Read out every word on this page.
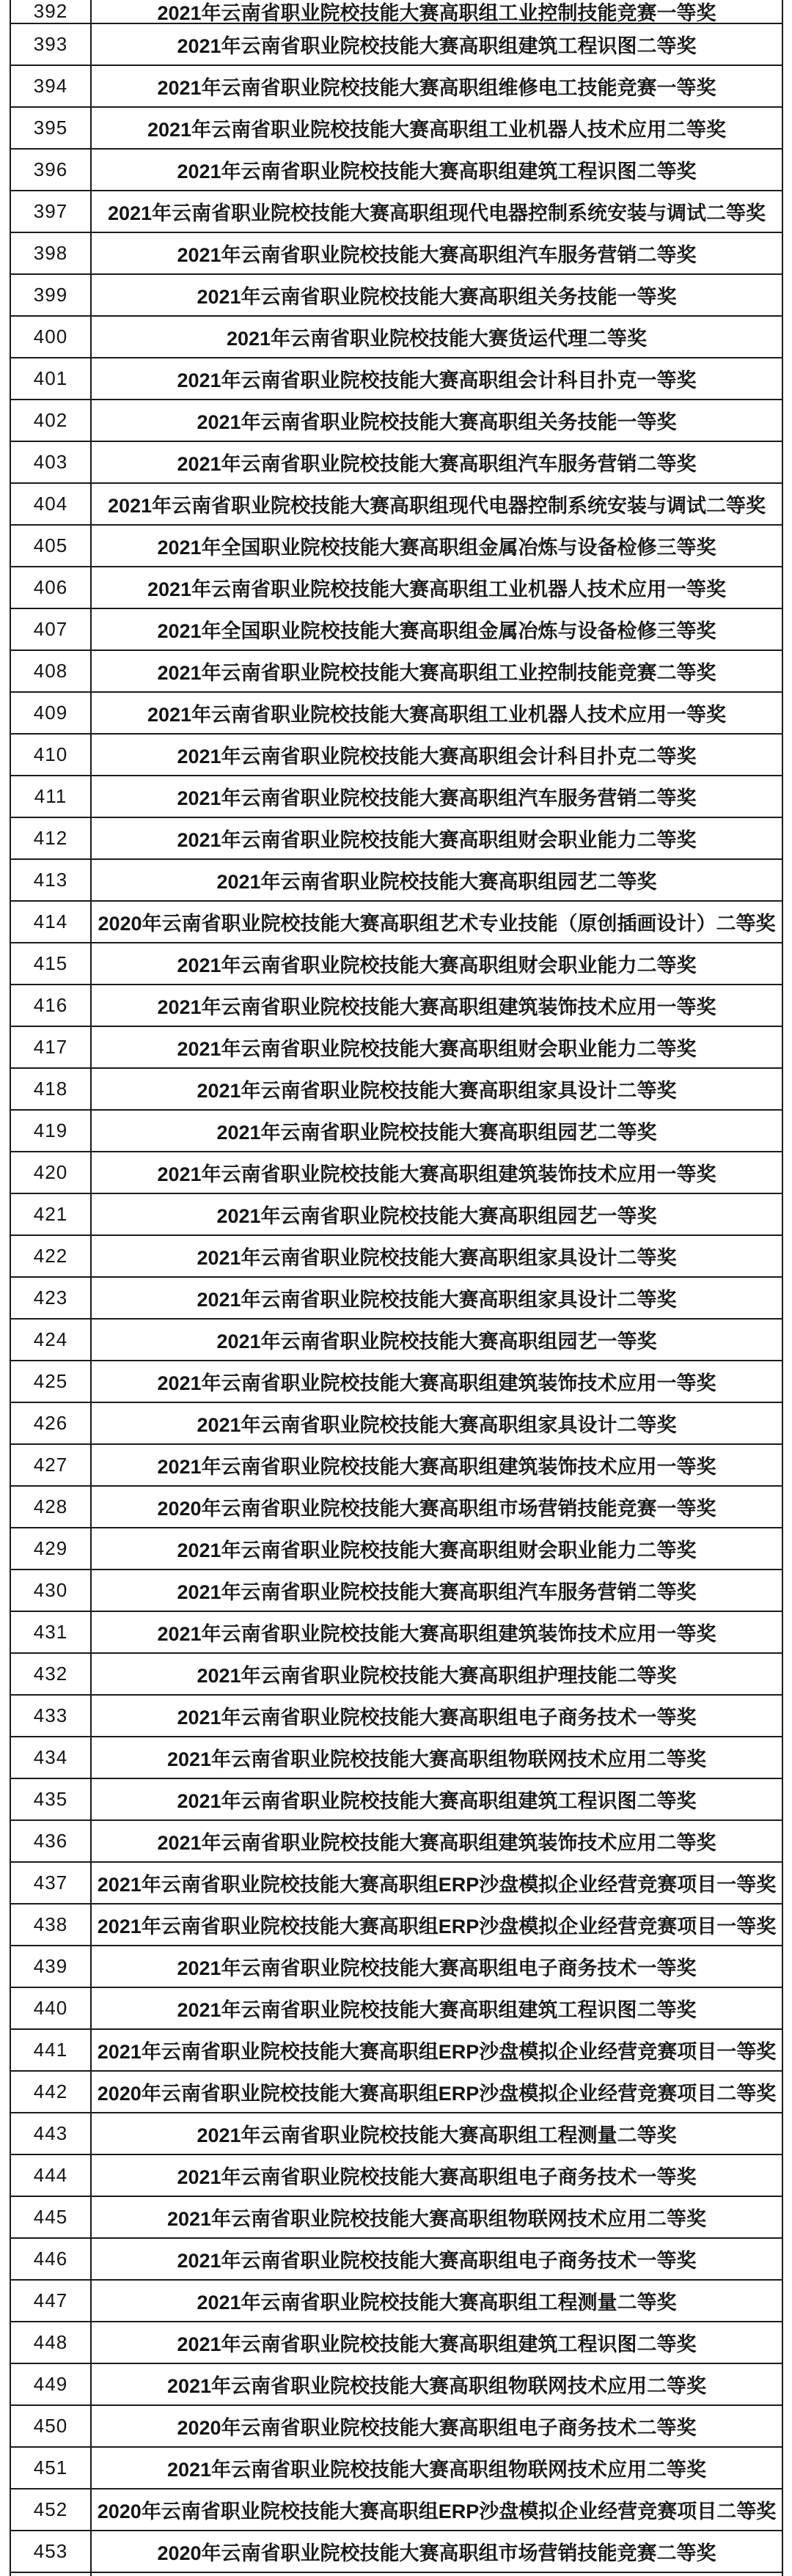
392	2021年云南省职业院校技能大赛高职组工业控制技能竞赛一等奖
393	2021年云南省职业院校技能大赛高职组建筑工程识图二等奖
394	2021年云南省职业院校技能大赛高职组维修电工技能竞赛一等奖
395	2021年云南省职业院校技能大赛高职组工业机器人技术应用二等奖
396	2021年云南省职业院校技能大赛高职组建筑工程识图二等奖
397	2021年云南省职业院校技能大赛高职组现代电器控制系统安装与调试二等奖
398	2021年云南省职业院校技能大赛高职组汽车服务营销二等奖
399	2021年云南省职业院校技能大赛高职组关务技能一等奖
400	2021年云南省职业院校技能大赛货运代理二等奖
401	2021年云南省职业院校技能大赛高职组会计科目扑克一等奖
402	2021年云南省职业院校技能大赛高职组关务技能一等奖
403	2021年云南省职业院校技能大赛高职组汽车服务营销二等奖
404	2021年云南省职业院校技能大赛高职组现代电器控制系统安装与调试二等奖
405	2021年全国职业院校技能大赛高职组金属冶炼与设备检修三等奖
406	2021年云南省职业院校技能大赛高职组工业机器人技术应用一等奖
407	2021年全国职业院校技能大赛高职组金属冶炼与设备检修三等奖
408	2021年云南省职业院校技能大赛高职组工业控制技能竞赛二等奖
409	2021年云南省职业院校技能大赛高职组工业机器人技术应用一等奖
410	2021年云南省职业院校技能大赛高职组会计科目扑克二等奖
411	2021年云南省职业院校技能大赛高职组汽车服务营销二等奖
412	2021年云南省职业院校技能大赛高职组财会职业能力二等奖
413	2021年云南省职业院校技能大赛高职组园艺二等奖
414	2020年云南省职业院校技能大赛高职组艺术专业技能（原创插画设计）二等奖
415	2021年云南省职业院校技能大赛高职组财会职业能力二等奖
416	2021年云南省职业院校技能大赛高职组建筑装饰技术应用一等奖
417	2021年云南省职业院校技能大赛高职组财会职业能力二等奖
418	2021年云南省职业院校技能大赛高职组家具设计二等奖
419	2021年云南省职业院校技能大赛高职组园艺二等奖
420	2021年云南省职业院校技能大赛高职组建筑装饰技术应用一等奖
421	2021年云南省职业院校技能大赛高职组园艺一等奖
422	2021年云南省职业院校技能大赛高职组家具设计二等奖
423	2021年云南省职业院校技能大赛高职组家具设计二等奖
424	2021年云南省职业院校技能大赛高职组园艺一等奖
425	2021年云南省职业院校技能大赛高职组建筑装饰技术应用一等奖
426	2021年云南省职业院校技能大赛高职组家具设计二等奖
427	2021年云南省职业院校技能大赛高职组建筑装饰技术应用一等奖
428	2020年云南省职业院校技能大赛高职组市场营销技能竞赛一等奖
429	2021年云南省职业院校技能大赛高职组财会职业能力二等奖
430	2021年云南省职业院校技能大赛高职组汽车服务营销二等奖
431	2021年云南省职业院校技能大赛高职组建筑装饰技术应用一等奖
432	2021年云南省职业院校技能大赛高职组护理技能二等奖
433	2021年云南省职业院校技能大赛高职组电子商务技术一等奖
434	2021年云南省职业院校技能大赛高职组物联网技术应用二等奖
435	2021年云南省职业院校技能大赛高职组建筑工程识图二等奖
436	2021年云南省职业院校技能大赛高职组建筑装饰技术应用二等奖
437	2021年云南省职业院校技能大赛高职组ERP沙盘模拟企业经营竞赛项目一等奖
438	2021年云南省职业院校技能大赛高职组ERP沙盘模拟企业经营竞赛项目一等奖
439	2021年云南省职业院校技能大赛高职组电子商务技术一等奖
440	2021年云南省职业院校技能大赛高职组建筑工程识图二等奖
441	2021年云南省职业院校技能大赛高职组ERP沙盘模拟企业经营竞赛项目一等奖
442	2020年云南省职业院校技能大赛高职组ERP沙盘模拟企业经营竞赛项目二等奖
443	2021年云南省职业院校技能大赛高职组工程测量二等奖
444	2021年云南省职业院校技能大赛高职组电子商务技术一等奖
445	2021年云南省职业院校技能大赛高职组物联网技术应用二等奖
446	2021年云南省职业院校技能大赛高职组电子商务技术一等奖
447	2021年云南省职业院校技能大赛高职组工程测量二等奖
448	2021年云南省职业院校技能大赛高职组建筑工程识图二等奖
449	2021年云南省职业院校技能大赛高职组物联网技术应用二等奖
450	2020年云南省职业院校技能大赛高职组电子商务技术二等奖
451	2021年云南省职业院校技能大赛高职组物联网技术应用二等奖
452	2020年云南省职业院校技能大赛高职组ERP沙盘模拟企业经营竞赛项目二等奖
453	2020年云南省职业院校技能大赛高职组市场营销技能竞赛二等奖
